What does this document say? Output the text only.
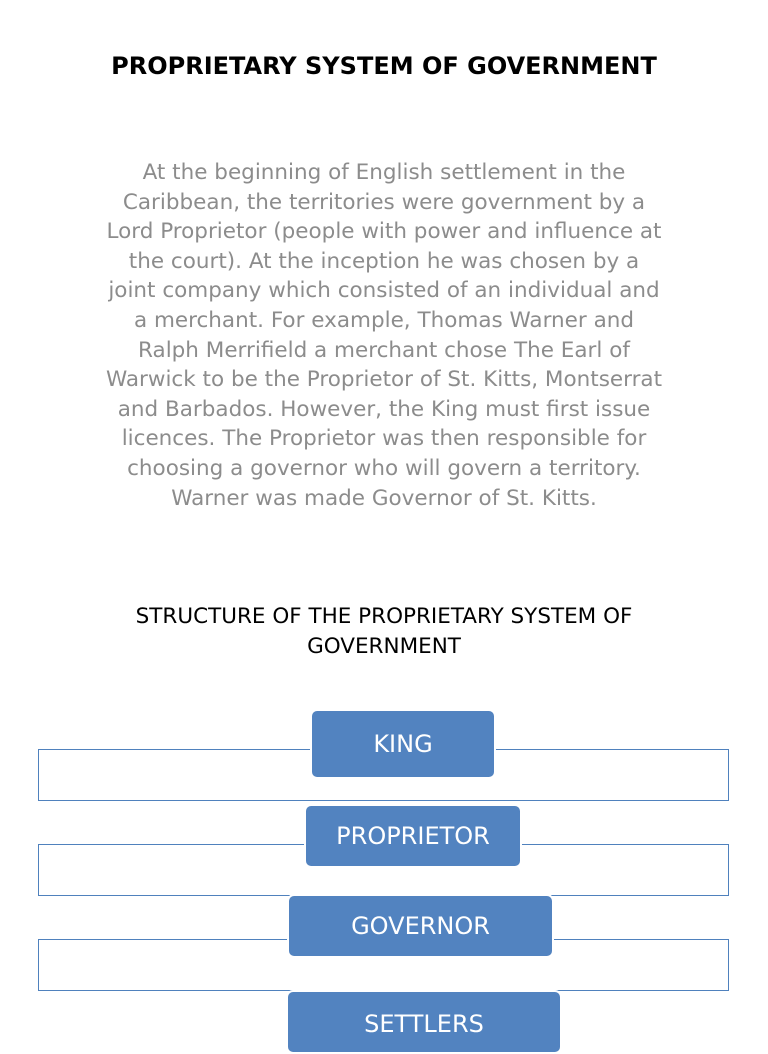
PROPRIETARY SYSTEM OF GOVERNMENT
At the beginning of English settlement in the
Caribbean, the territories were government by a
Lord Proprietor (people with power and influence at
the court). At the inception he was chosen by a
joint company which consisted of an individual and
a merchant. For example, Thomas Warner and
Ralph Merrifield a merchant chose The Earl of
Warwick to be the Proprietor of St. Kitts, Montserrat
and Barbados. However, the King must first issue
licences. The Proprietor was then responsible for
choosing a governor who will govern a territory.
Warner was made Governor of St. Kitts.
STRUCTURE OF THE PROPRIETARY SYSTEM OF
GOVERNMENT
KING
PROPRIETOR
GOVERNOR
SETTLERS
